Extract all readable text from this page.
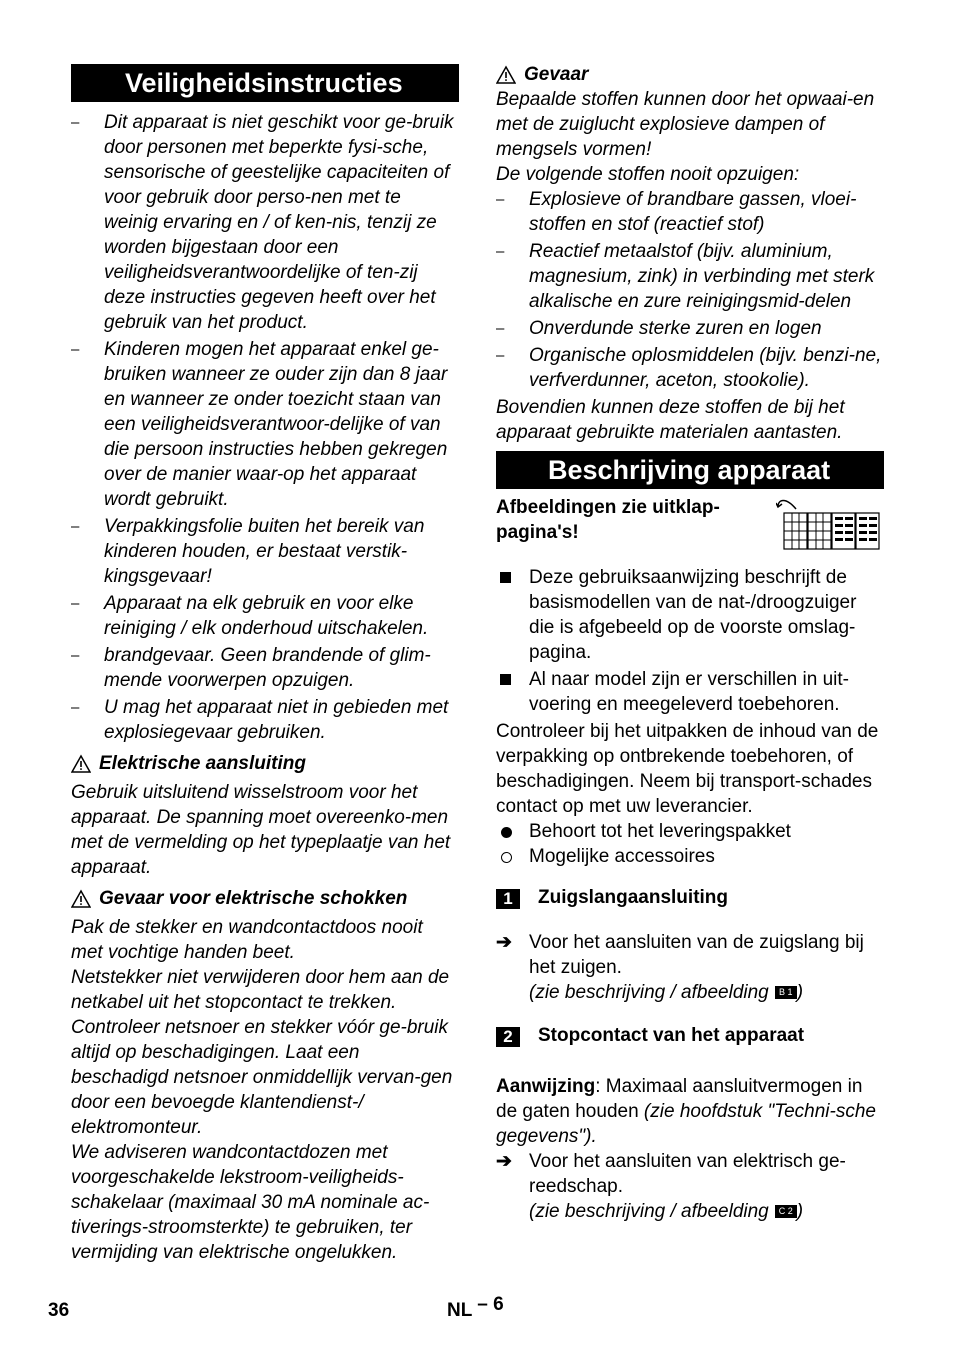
Veiligheidsinstructies
– Dit apparaat is niet geschikt voor ge-bruik door personen met beperkte fysi-sche, sensorische of geestelijke capaciteiten of voor gebruik door perso-nen met te weinig ervaring en / of ken-nis, tenzij ze worden bijgestaan door een veiligheidsverantwoordelijke of ten-zij deze instructies gegeven heeft over het gebruik van het product.
– Kinderen mogen het apparaat enkel ge-bruiken wanneer ze ouder zijn dan 8 jaar en wanneer ze onder toezicht staan van een veiligheidsverantwoor-delijke of van die persoon instructies hebben gekregen over de manier waar-op het apparaat wordt gebruikt.
– Verpakkingsfolie buiten het bereik van kinderen houden, er bestaat verstik-kingsgevaar!
– Apparaat na elk gebruik en voor elke reiniging / elk onderhoud uitschakelen.
– brandgevaar. Geen brandende of glim-mende voorwerpen opzuigen.
– U mag het apparaat niet in gebieden met explosiegevaar gebruiken.
Elektrische aansluiting
Gebruik uitsluitend wisselstroom voor het apparaat. De spanning moet overeenko-men met de vermelding op het typeplaatje van het apparaat.
Gevaar voor elektrische schokken
Pak de stekker en wandcontactdoos nooit met vochtige handen beet.
Netstekker niet verwijderen door hem aan de netkabel uit het stopcontact te trekken.
Controleer netsnoer en stekker vóór ge-bruik altijd op beschadigingen. Laat een beschadigd netsnoer onmiddellijk vervan-gen door een bevoegde klantendienst-/ elektromonteur.
We adviseren wandcontactdozen met voorgeschakelde lekstroom-veiligheids-schakelaar (maximaal 30 mA nominale ac-tiverings-stroomsterkte) te gebruiken, ter vermijding van elektrische ongelukken.
Gevaar
Bepaalde stoffen kunnen door het opwaai-en met de zuiglucht explosieve dampen of mengsels vormen!
De volgende stoffen nooit opzuigen:
– Explosieve of brandbare gassen, vloei-stoffen en stof (reactief stof)
– Reactief metaalstof (bijv. aluminium, magnesium, zink) in verbinding met sterk alkalische en zure reinigingsmid-delen
– Onverdunde sterke zuren en logen
– Organische oplosmiddelen (bijv. benzi-ne, verfverdunner, aceton, stookolie).
Bovendien kunnen deze stoffen de bij het apparaat gebruikte materialen aantasten.
Beschrijving apparaat
Afbeeldingen zie uitklap-pagina's!
Deze gebruiksaanwijzing beschrijft de basismodellen van de nat-/droogzuiger die is afgebeeld op de voorste omslag-pagina.
Al naar model zijn er verschillen in uit-voering en meegeleverd toebehoren.
Controleer bij het uitpakken de inhoud van de verpakking op ontbrekende toebehoren, of beschadigingen. Neem bij transport-schades contact op met uw leverancier.
Behoort tot het leveringspakket
Mogelijke accessoires
1	Zuigslangaansluiting
➔ Voor het aansluiten van de zuigslang bij het zuigen.
(zie beschrijving / afbeelding B 1 )
2	Stopcontact van het apparaat
Aanwijzing: Maximaal aansluitvermogen in de gaten houden (zie hoofdstuk "Techni-sche gegevens").
➔ Voor het aansluiten van elektrisch ge-reedschap.
(zie beschrijving / afbeelding C 2 )
36	NL – 6
